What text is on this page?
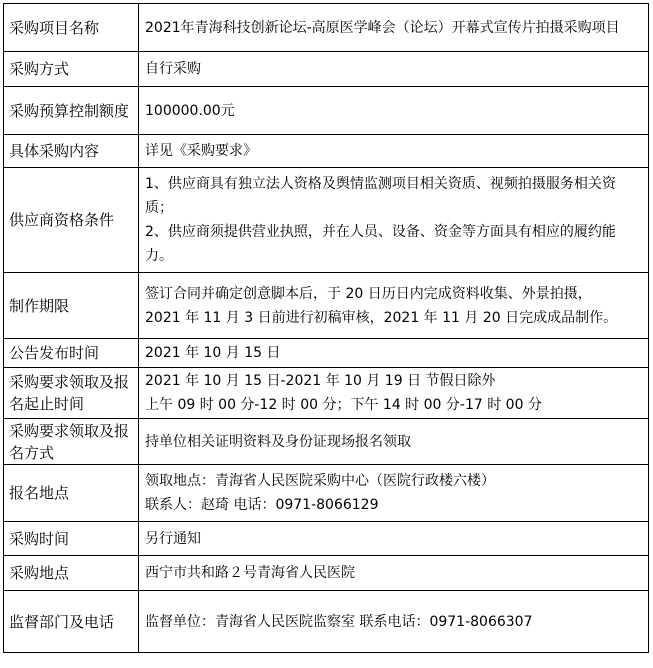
采购项目名称	2021年青海科技创新论坛-高原医学峰会（论坛）开幕式宣传片拍摄采购项目
采购方式	自行采购
采购预算控制额度	100000.00元
具体采购内容	详见《采购要求》
供应商资格条件	1、供应商具有独立法人资格及舆情监测项目相关资质、视频拍摄服务相关资质；
2、供应商须提供营业执照，并在人员、设备、资金等方面具有相应的履约能力。
制作期限	签订合同并确定创意脚本后，于 20 日历日内完成资料收集、外景拍摄，
2021 年 11 月 3 日前进行初稿审核，2021 年 11 月 20 日完成成品制作。

公告发布时间	2021 年 10 月 15 日
采购要求领取及报名起止时间	2021 年 10 月 15 日-2021 年 10 月 19 日 节假日除外
上午 09 时 00 分-12 时 00 分；下午 14 时 00 分-17 时 00 分

采购要求领取及报名方式	持单位相关证明资料及身份证现场报名领取
报名地点	领取地点：青海省人民医院采购中心（医院行政楼六楼）
联系人：赵琦 电话：0971-8066129

采购时间	另行通知
采购地点	西宁市共和路２号青海省人民医院
监督部门及电话	监督单位：青海省人民医院监察室 联系电话：0971-8066307
